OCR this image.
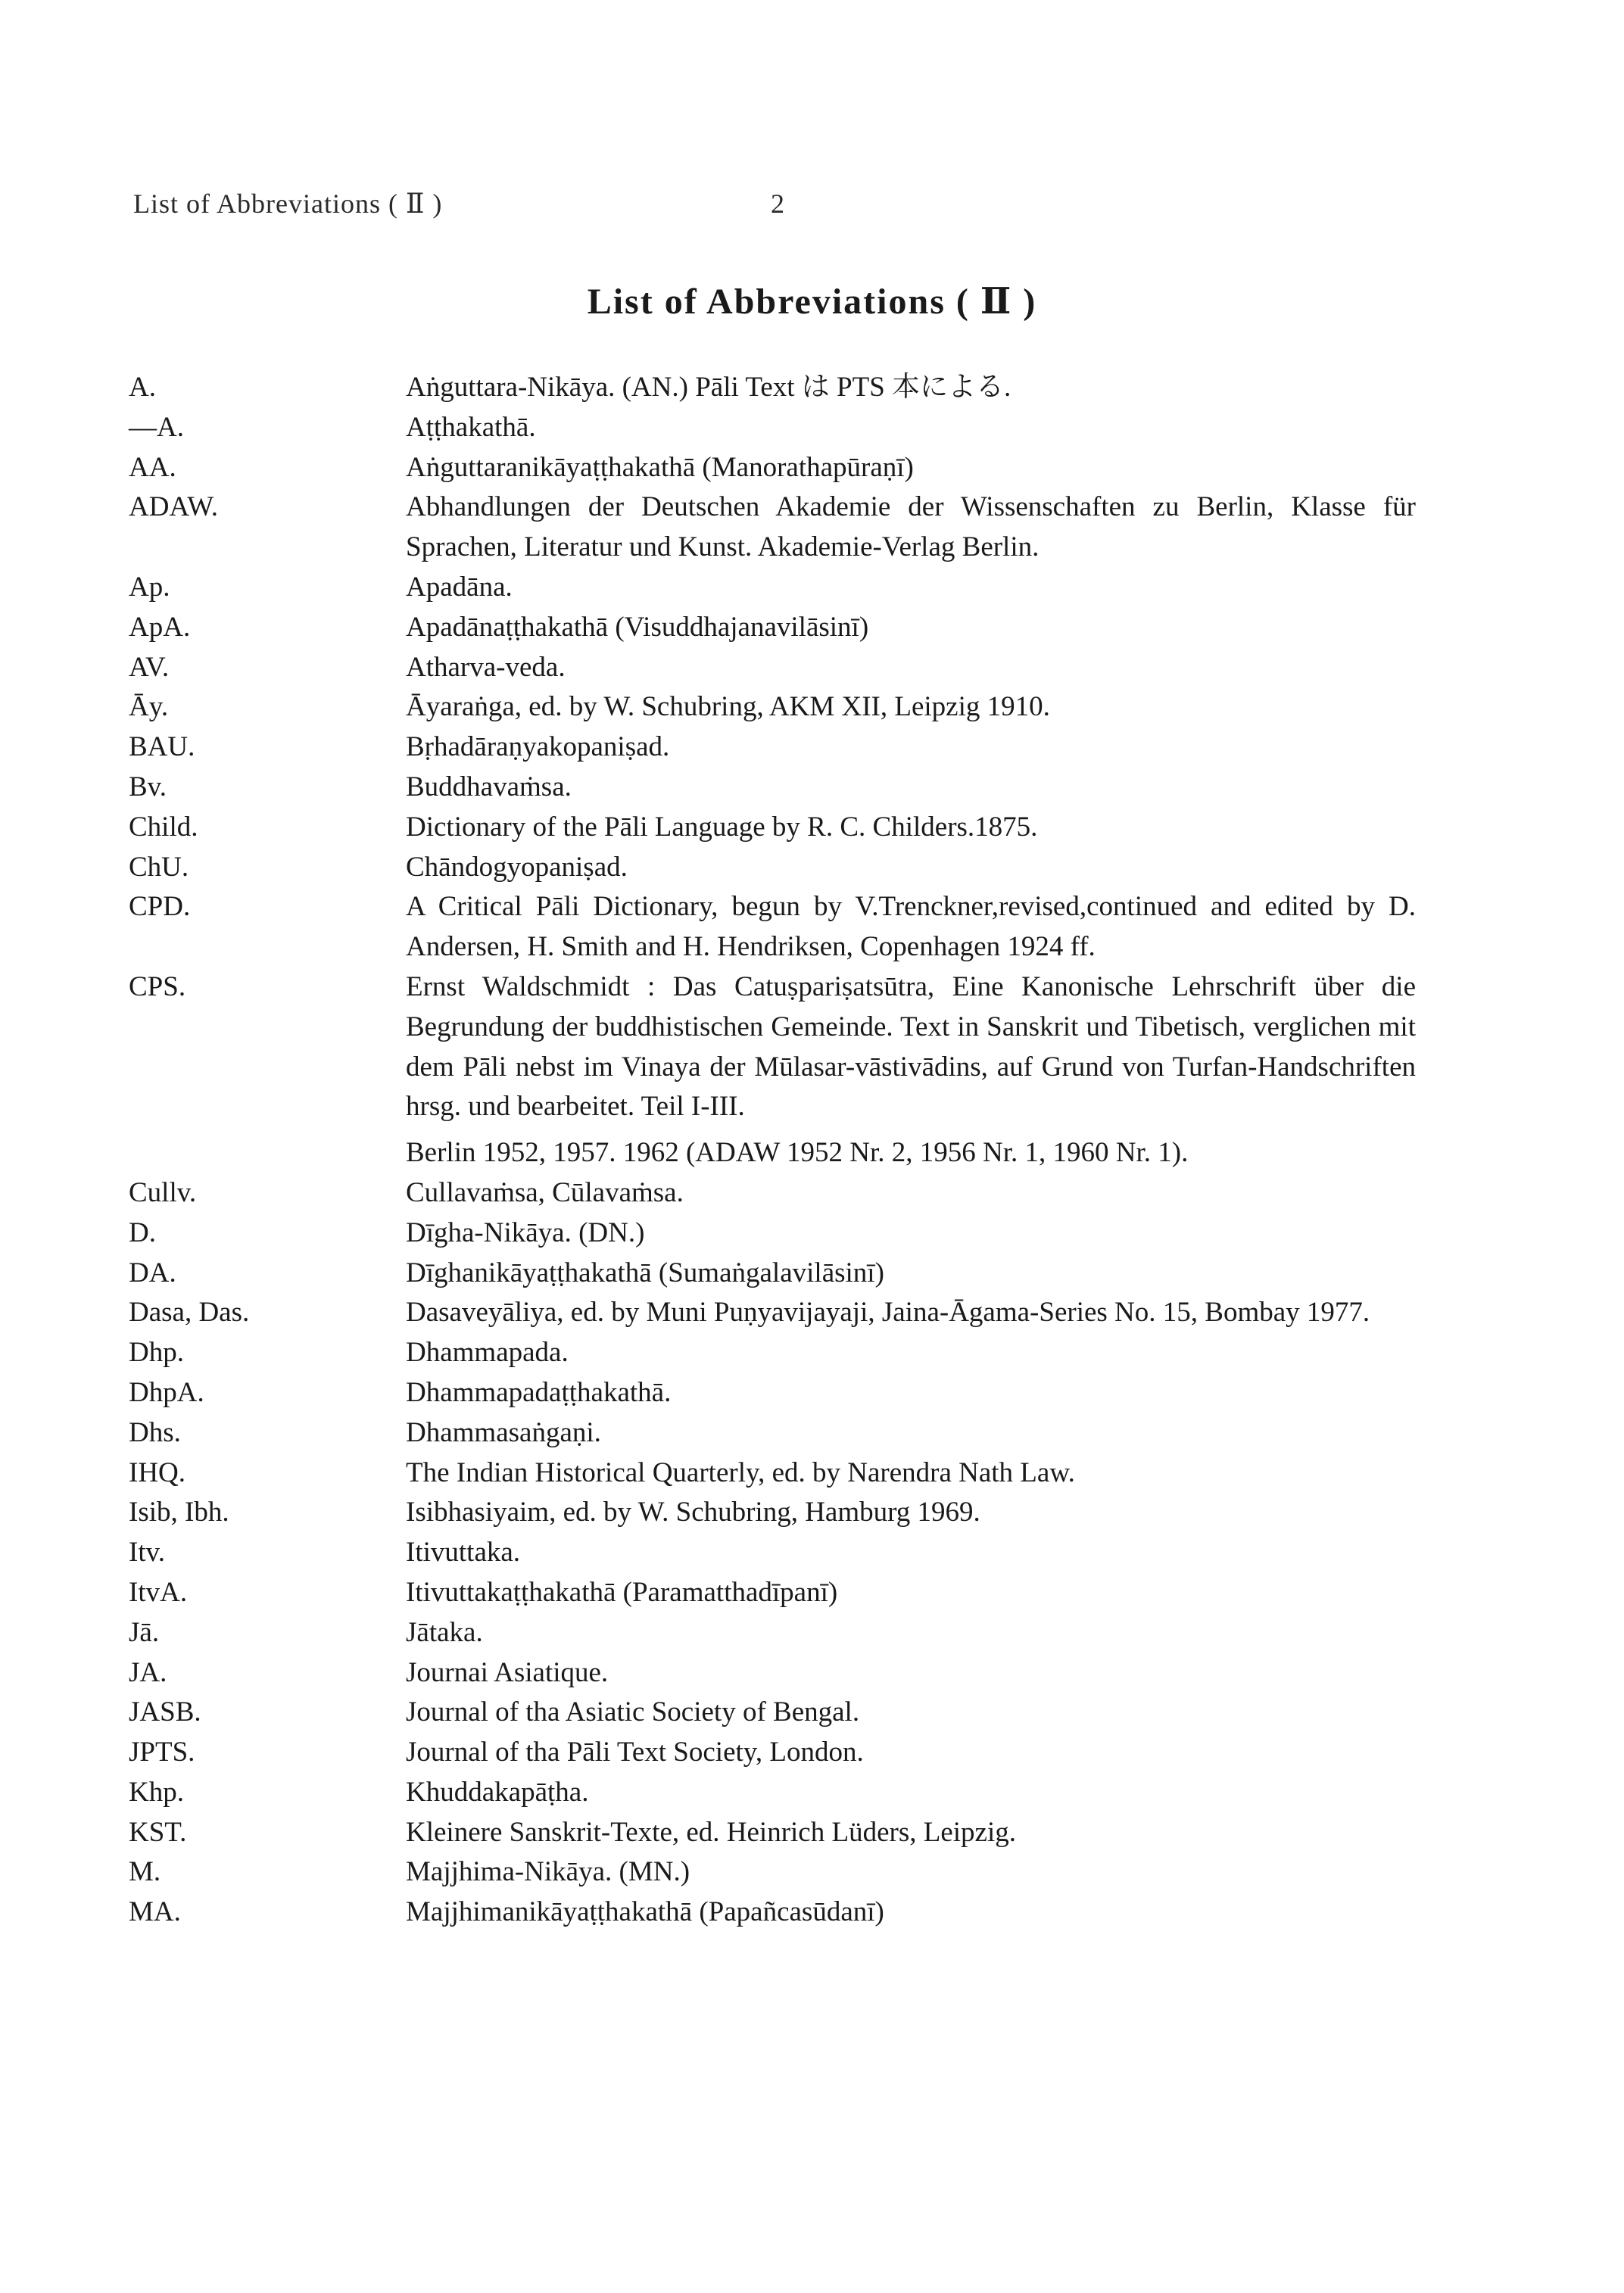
List of Abbreviations ( Ⅱ )	2
List of Abbreviations ( Ⅱ )
A.	Aṅguttara-Nikāya. (AN.) Pāli Text は PTS 本による.
—A.	Aṭṭhakathā.
AA.	Aṅguttaranikāyaṭṭhakathā (Manorathapūraṇī)
ADAW.	Abhandlungen der Deutschen Akademie der Wissenschaften zu Berlin, Klasse für Sprachen, Literatur und Kunst. Akademie-Verlag Berlin.
Ap.	Apadāna.
ApA.	Apadānaṭṭhakathā (Visuddhajanavilāsinī)
AV.	Atharva-veda.
Āy.	Āyaraṅga, ed. by W. Schubring, AKM XII, Leipzig 1910.
BAU.	Bṛhadāraṇyakopaniṣad.
Bv.	Buddhavaṁsa.
Child.	Dictionary of the Pāli Language by R. C. Childers.1875.
ChU.	Chāndogyopaniṣad.
CPD.	A Critical Pāli Dictionary, begun by V.Trenckner,revised,continued and edited by D. Andersen, H. Smith and H. Hendriksen, Copenhagen 1924 ff.
CPS.	Ernst Waldschmidt : Das Catuṣpariṣatsūtra, Eine Kanonische Lehrschrift über die Begrundung der buddhistischen Gemeinde. Text in Sanskrit und Tibetisch, verglichen mit dem Pāli nebst im Vinaya der Mūlasar-vāstivādins, auf Grund von Turfan-Handschriften hrsg. und bearbeitet. Teil I-III.
Berlin 1952, 1957. 1962 (ADAW 1952 Nr. 2, 1956 Nr. 1, 1960 Nr. 1).
Cullv.	Cullavaṁsa, Cūlavaṁsa.
D.	Dīgha-Nikāya. (DN.)
DA.	Dīghanikāyaṭṭhakathā (Sumaṅgalavilāsinī)
Dasa, Das.	Dasaveyāliya, ed. by Muni Puṇyavijayaji, Jaina-Āgama-Series No. 15, Bombay 1977.
Dhp.	Dhammapada.
DhpA.	Dhammapadaṭṭhakathā.
Dhs.	Dhammasaṅgaṇi.
IHQ.	The Indian Historical Quarterly, ed. by Narendra Nath Law.
Isib, Ibh.	Isibhasiyaim, ed. by W. Schubring, Hamburg 1969.
Itv.	Itivuttaka.
ItvA.	Itivuttakaṭṭhakathā (Paramatthadīpanī)
Jā.	Jātaka.
JA.	Journai Asiatique.
JASB.	Journal of tha Asiatic Society of Bengal.
JPTS.	Journal of tha Pāli Text Society, London.
Khp.	Khuddakapāṭha.
KST.	Kleinere Sanskrit-Texte, ed. Heinrich Lüders, Leipzig.
M.	Majjhima-Nikāya. (MN.)
MA.	Majjhimanikāyaṭṭhakathā (Papañcasūdanī)
